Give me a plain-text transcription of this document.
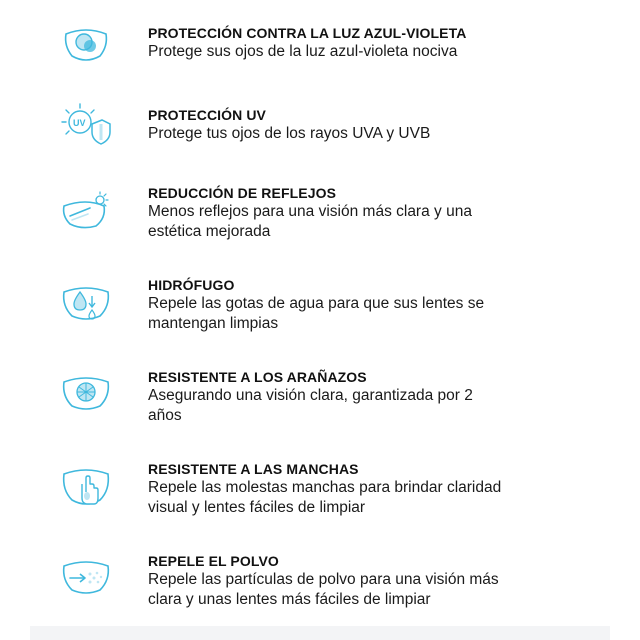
PROTECCIÓN CONTRA LA LUZ AZUL-VIOLETA

Protege sus ojos de la luz azul-violeta nociva

UV	PROTECCIÓN UV

Protege tus ojos de los rayos UVA y UVB

REDUCCIÓN DE REFLEJOS

Menos reflejos para una visión más clara y una

estética mejorada

HIDRÓFUGO

Repele las gotas de agua para que sus lentes se

mantengan limpias

RESISTENTE A LOS ARAÑAZOS

Asegurando una visión clara, garantizada por 2

años

RESISTENTE A LAS MANCHAS

Repele las molestas manchas para brindar claridad

visual y lentes fáciles de limpiar

REPELE EL POLVO

Repele las partículas de polvo para una visión más

clara y unas lentes más fáciles de limpiar
